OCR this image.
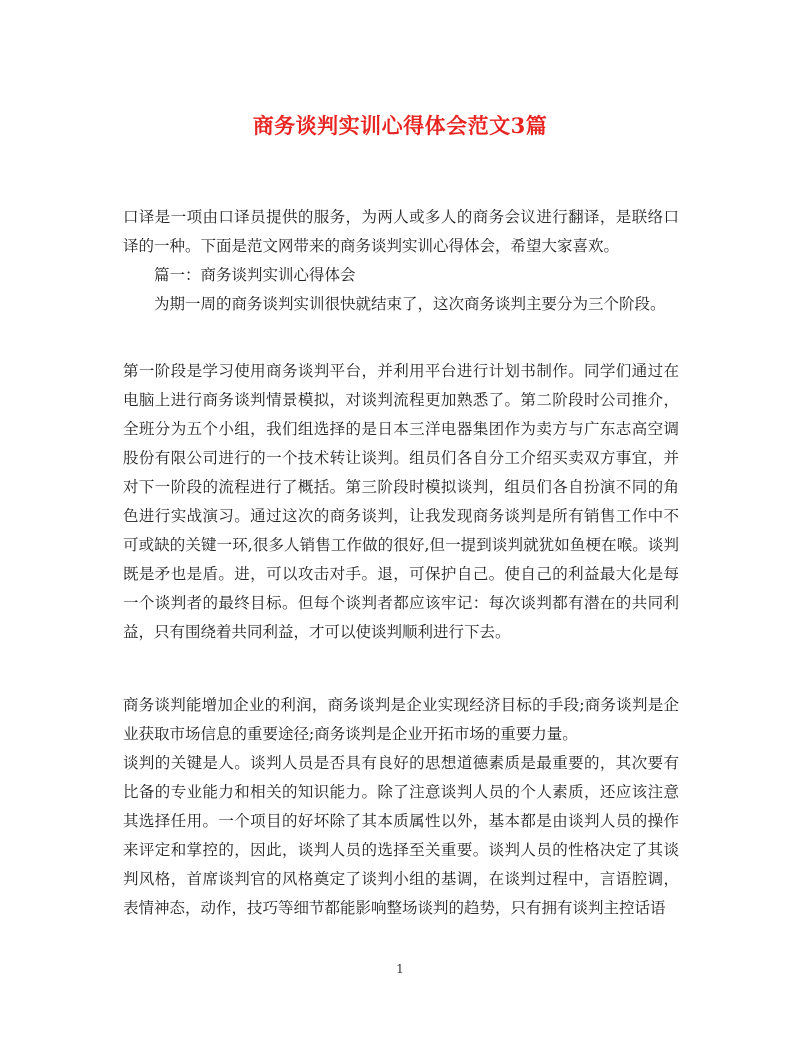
商务谈判实训心得体会范文3篇

口译是一项由口译员提供的服务，为两人或多人的商务会议进行翻译，是联络口译的一种。下面是范文网带来的商务谈判实训心得体会，希望大家喜欢。

篇一：商务谈判实训心得体会

为期一周的商务谈判实训很快就结束了，这次商务谈判主要分为三个阶段。

第一阶段是学习使用商务谈判平台，并利用平台进行计划书制作。同学们通过在电脑上进行商务谈判情景模拟，对谈判流程更加熟悉了。第二阶段时公司推介，全班分为五个小组，我们组选择的是日本三洋电器集团作为卖方与广东志高空调股份有限公司进行的一个技术转让谈判。组员们各自分工介绍买卖双方事宜，并对下一阶段的流程进行了概括。第三阶段时模拟谈判，组员们各自扮演不同的角色进行实战演习。通过这次的商务谈判，让我发现商务谈判是所有销售工作中不可或缺的关键一环,很多人销售工作做的很好,但一提到谈判就犹如鱼梗在喉。谈判既是矛也是盾。进，可以攻击对手。退，可保护自己。使自己的利益最大化是每一个谈判者的最终目标。但每个谈判者都应该牢记：每次谈判都有潜在的共同利益，只有围绕着共同利益，才可以使谈判顺利进行下去。

商务谈判能增加企业的利润，商务谈判是企业实现经济目标的手段;商务谈判是企业获取市场信息的重要途径;商务谈判是企业开拓市场的重要力量。

谈判的关键是人。谈判人员是否具有良好的思想道德素质是最重要的，其次要有比备的专业能力和相关的知识能力。除了注意谈判人员的个人素质，还应该注意其选择任用。一个项目的好坏除了其本质属性以外，基本都是由谈判人员的操作来评定和掌控的，因此，谈判人员的选择至关重要。谈判人员的性格决定了其谈判风格，首席谈判官的风格奠定了谈判小组的基调，在谈判过程中，言语腔调，表情神态，动作，技巧等细节都能影响整场谈判的趋势，只有拥有谈判主控话语

1
